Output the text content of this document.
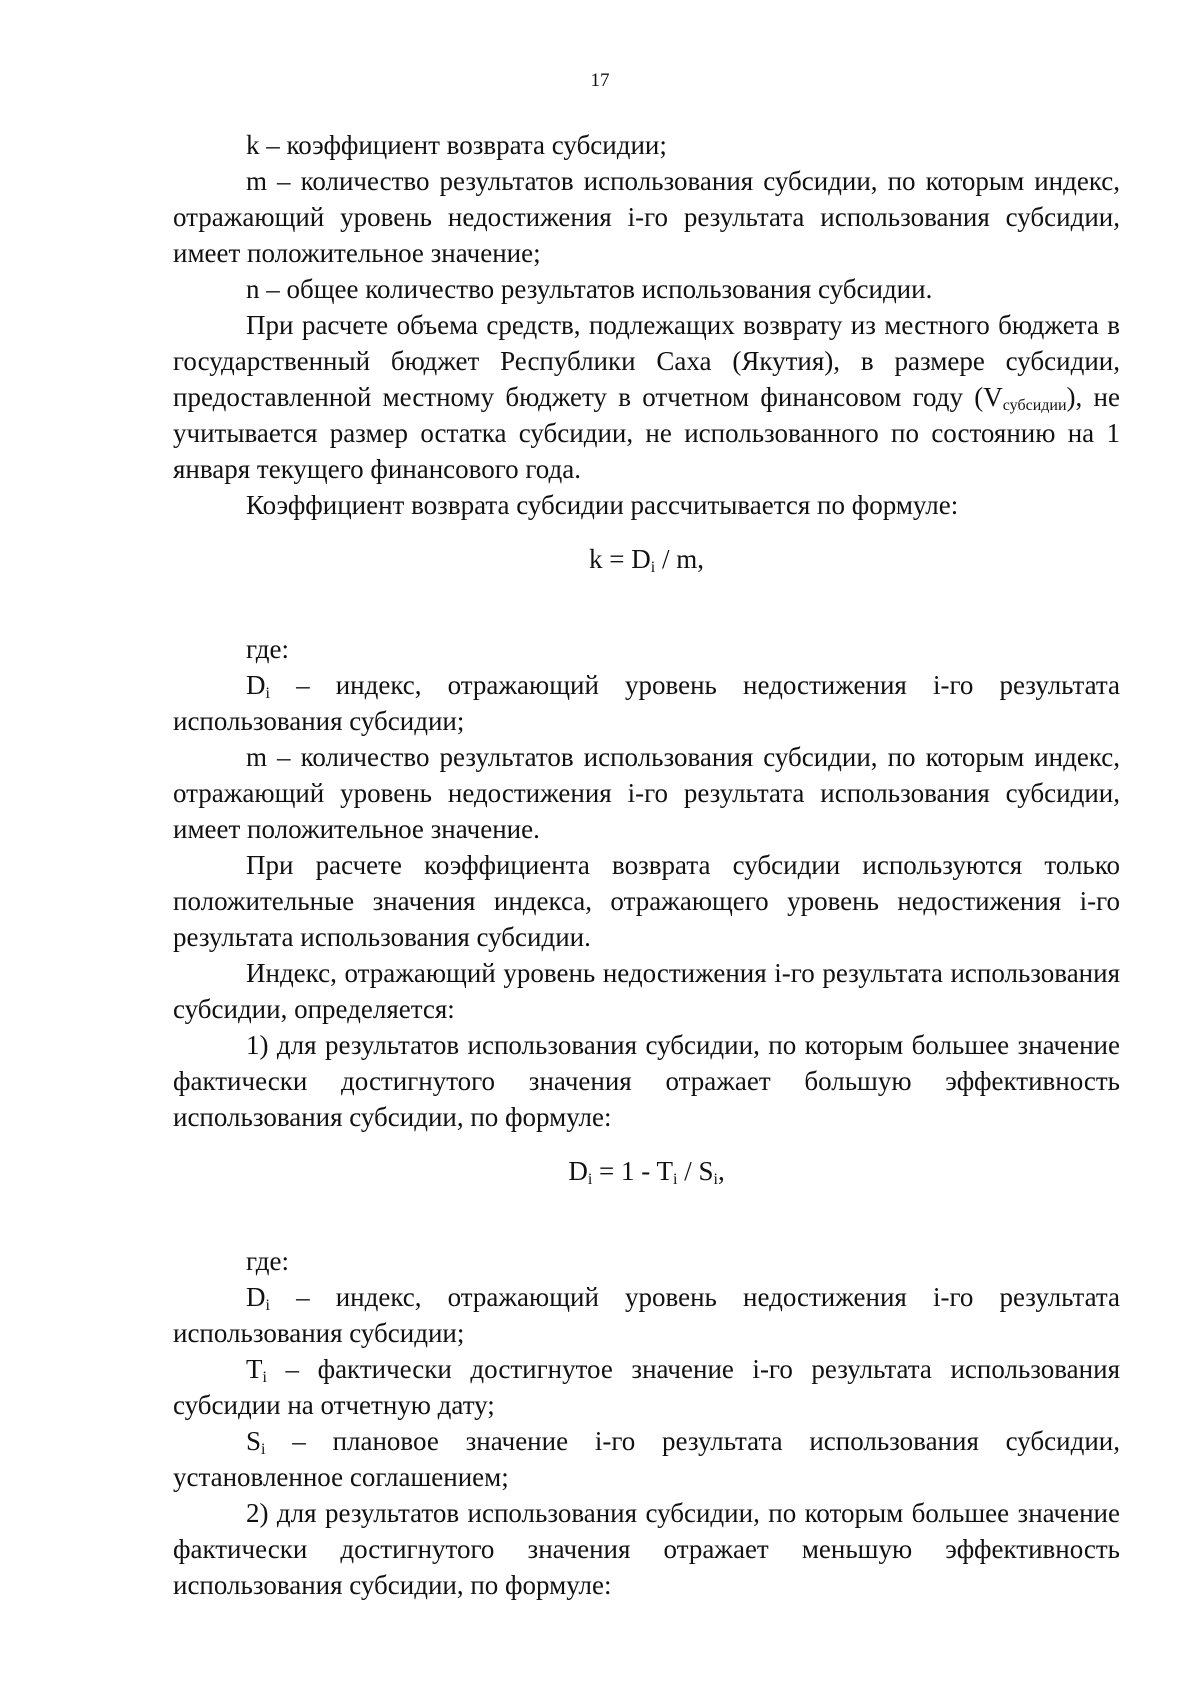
17

k – коэффициент возврата субсидии;

m – количество результатов использования субсидии, по которым индекс, отражающий уровень недостижения i-го результата использования субсидии, имеет положительное значение;

n – общее количество результатов использования субсидии.

При расчете объема средств, подлежащих возврату из местного бюджета в государственный бюджет Республики Саха (Якутия), в размере субсидии, предоставленной местному бюджету в отчетном финансовом году $(V_{субсидии})$, не учитывается размер остатка субсидии, не использованного по состоянию на 1 января текущего финансового года.

Коэффициент возврата субсидии рассчитывается по формуле:

$k = D_i / m$,

где:

$D_i$ – индекс, отражающий уровень недостижения i-го результата использования субсидии;

m – количество результатов использования субсидии, по которым индекс, отражающий уровень недостижения i-го результата использования субсидии, имеет положительное значение.

При расчете коэффициента возврата субсидии используются только положительные значения индекса, отражающего уровень недостижения i-го результата использования субсидии.

Индекс, отражающий уровень недостижения i-го результата использования субсидии, определяется:

1) для результатов использования субсидии, по которым большее значение фактически достигнутого значения отражает большую эффективность использования субсидии, по формуле:

$D_i = 1 - T_i / S_i$,

где:

$D_i$ – индекс, отражающий уровень недостижения i-го результата использования субсидии;

$T_i$ – фактически достигнутое значение i-го результата использования субсидии на отчетную дату;

$S_i$ – плановое значение i-го результата использования субсидии, установленное соглашением;

2) для результатов использования субсидии, по которым большее значение фактически достигнутого значения отражает меньшую эффективность использования субсидии, по формуле:
